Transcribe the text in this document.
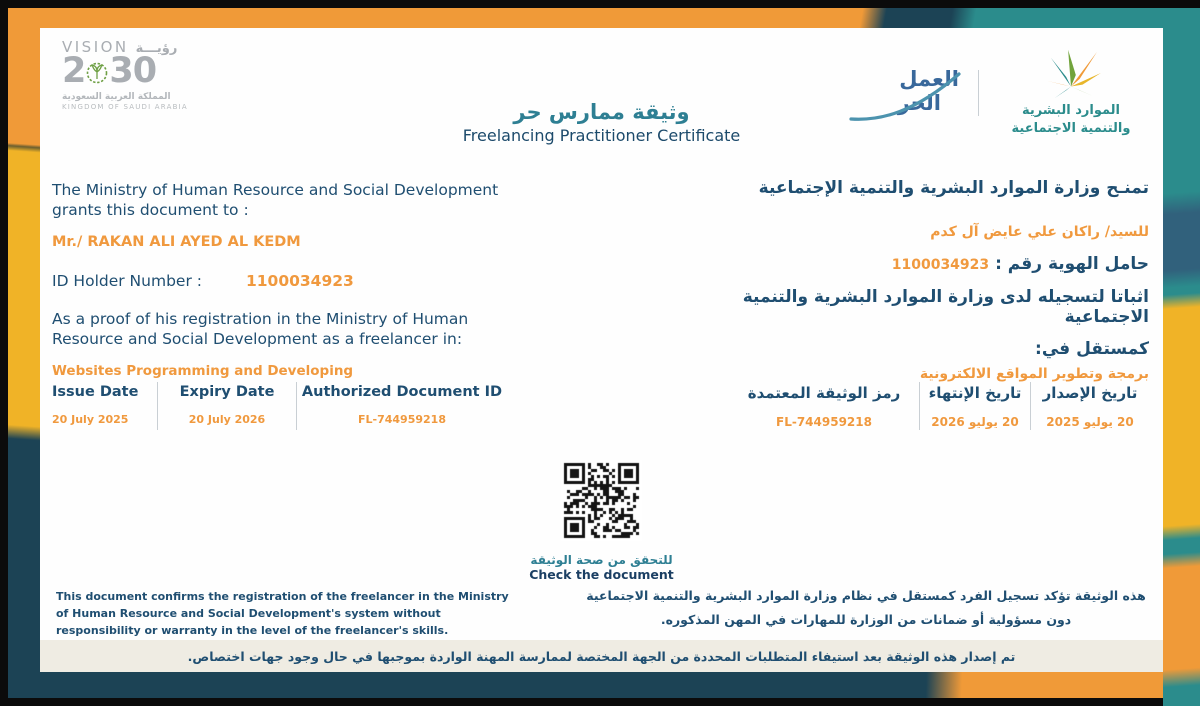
VISION رؤيـــة
2 30
المملكة العربية السعودية
KINGDOM OF SAUDI ARABIA
العمل
الحر	الموارد البشرية
والتنمية الاجتماعية
وثيقة ممارس حر
Freelancing Practitioner Certificate
The Ministry of Human Resource and Social Development grants this document to :
Mr./ RAKAN ALI AYED AL KEDM
ID Holder Number :	1100034923
As a proof of his registration in the Ministry of Human Resource and Social Development as a freelancer in:
Websites Programming and Developing
تمنـح وزارة الموارد البشرية والتنمية الإجتماعية
للسيد/ راكان علي عايض آل كدم
حامل الهوية رقم : 1100034923
اثباتا لتسجيله لدى وزارة الموارد البشرية والتنمية الاجتماعية
كمستقل في:
برمجة وتطوير المواقع الالكترونية
Issue Date
20 July 2025
Expiry Date
20 July 2026
Authorized Document ID
FL-744959218
تاريخ الإصدار
20 يوليو 2025
تاريخ الإنتهاء
20 يوليو 2026
رمز الوثيقة المعتمدة
FL-744959218
للتحقق من صحة الوثيقة
Check the document
This document confirms the registration of the freelancer in the Ministry of Human Resource and Social Development's system without responsibility or warranty in the level of the freelancer's skills.
هذه الوثيقة تؤكد تسجيل الفرد كمستقل في نظام وزارة الموارد البشرية والتنمية الاجتماعية دون مسؤولية أو ضمانات من الوزارة للمهارات في المهن المذكوره.
تم إصدار هذه الوثيقة بعد استيفاء المتطلبات المحددة من الجهة المختصة لممارسة المهنة الواردة بموجبها في حال وجود جهات اختصاص.
